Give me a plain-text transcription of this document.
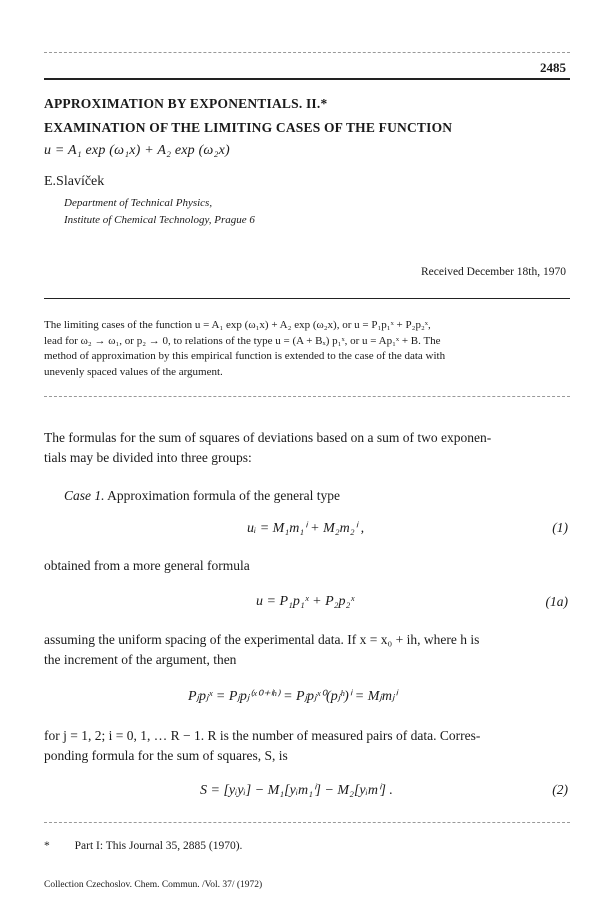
2485
APPROXIMATION BY EXPONENTIALS. II.*
EXAMINATION OF THE LIMITING CASES OF THE FUNCTION
u = A₁ exp (ω₁x) + A₂ exp (ω₂x)
E.Slavíček
Department of Technical Physics,
Institute of Chemical Technology, Prague 6
Received December 18th, 1970
The limiting cases of the function u = A₁ exp (ω₁x) + A₂ exp (ω₂x), or u = P₁p₁ˣ + P₂p₂ˣ,
lead for ω₂ → ω₁, or p₂ → 0, to relations of the type u = (A + Bₓ) p₁ˣ, or u = Ap₁ˣ + B. The
method of approximation by this empirical function is extended to the case of the data with
unevenly spaced values of the argument.
The formulas for the sum of squares of deviations based on a sum of two exponen-
tials may be divided into three groups:
Case 1. Approximation formula of the general type
uᵢ = M₁m₁ⁱ + M₂m₂ⁱ ,	(1)
obtained from a more general formula
u = P₁p₁ˣ + P₂p₂ˣ	(1a)
assuming the uniform spacing of the experimental data. If x = x₀ + ih, where h is
the increment of the argument, then
Pⱼpⱼˣ = Pⱼpⱼ⁽ˣ⁰⁺ⁱʰ⁾ = Pⱼpⱼˣ⁰(pⱼʰ)ⁱ = Mⱼmⱼⁱ
for j = 1, 2; i = 0, 1, … R − 1. R is the number of measured pairs of data. Corres-
ponding formula for the sum of squares, S, is
S = [yᵢyᵢ] − M₁[yᵢm₁ⁱ] − M₂[yᵢmⁱ] .	(2)
* Part I: This Journal 35, 2885 (1970).
Collection Czechoslov. Chem. Commun. /Vol. 37/ (1972)
